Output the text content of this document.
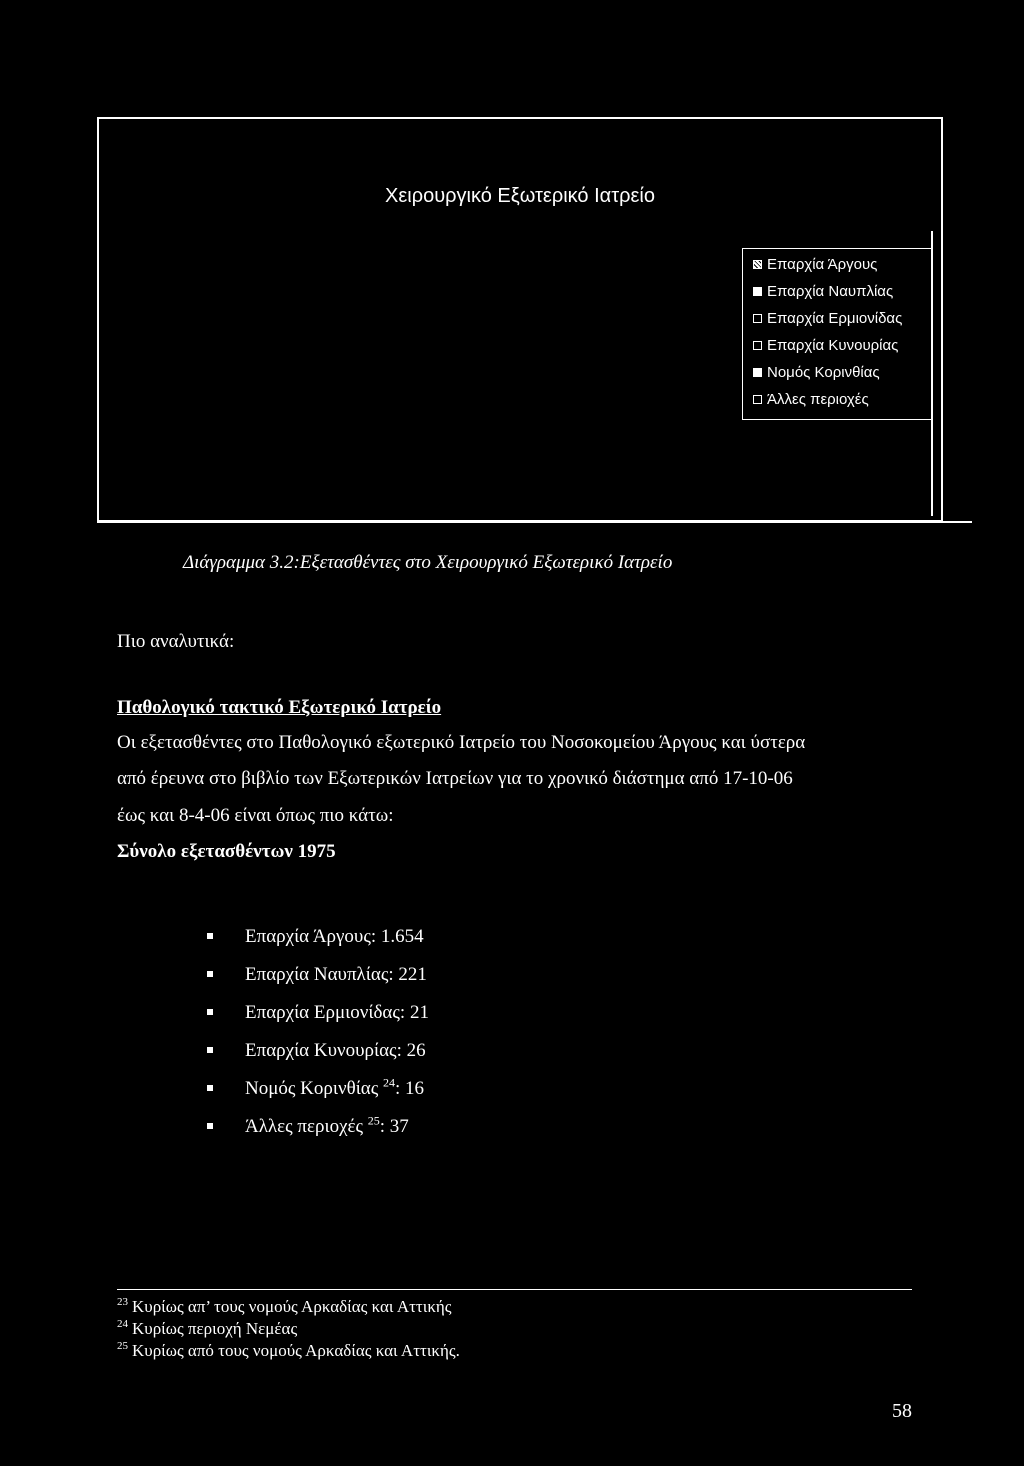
Χειρουργικό Εξωτερικό Ιατρείο
Επαρχία Άργους
Επαρχία Ναυπλίας
Επαρχία Ερμιονίδας
Επαρχία Κυνουρίας
Νομός Κορινθίας
Άλλες περιοχές
Διάγραμμα 3.2:Εξετασθέντες στο Χειρουργικό Εξωτερικό Ιατρείο
Πιο αναλυτικά:
Παθολογικό τακτικό Εξωτερικό Ιατρείο
Οι εξετασθέντες στο Παθολογικό εξωτερικό Ιατρείο του Νοσοκομείου Άργους και ύστερα
από έρευνα στο βιβλίο των Εξωτερικών Ιατρείων για το χρονικό διάστημα από 17-10-06
έως και 8-4-06 είναι όπως πιο κάτω:
Σύνολο εξετασθέντων 1975
Επαρχία Άργους: 1.654
Επαρχία Ναυπλίας: 221
Επαρχία Ερμιονίδας: 21
Επαρχία Κυνουρίας: 26
Νομός Κορινθίας $^{24}$: 16
Άλλες περιοχές $^{25}$: 37
$^{23}$ Κυρίως απ’ τους νομούς Αρκαδίας και Αττικής
$^{24}$ Κυρίως περιοχή Νεμέας
$^{25}$ Κυρίως από τους νομούς Αρκαδίας και Αττικής.
58
